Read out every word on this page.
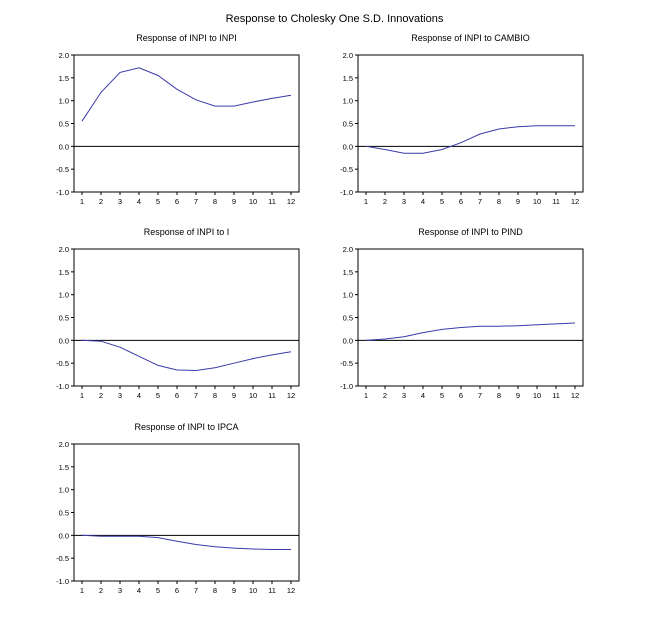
Response to Cholesky One S.D. Innovations
Response of INPI to INPI
2.0
1.5
1.0
0.5
0.0
-0.5
-1.0
1 2 3 4 5 6 7 8 9 10 11 12
Response of INPI to CAMBIO
2.0
1.5
1.0
0.5
0.0
-0.5
-1.0
1 2 3 4 5 6 7 8 9 10 11 12
Response of INPI to I
2.0
1.5
1.0
0.5
0.0
-0.5
-1.0
1 2 3 4 5 6 7 8 9 10 11 12
Response of INPI to PIND
2.0
1.5
1.0
0.5
0.0
-0.5
-1.0
1 2 3 4 5 6 7 8 9 10 11 12
Response of INPI to IPCA
2.0
1.5
1.0
0.5
0.0
-0.5
-1.0
1 2 3 4 5 6 7 8 9 10 11 12
